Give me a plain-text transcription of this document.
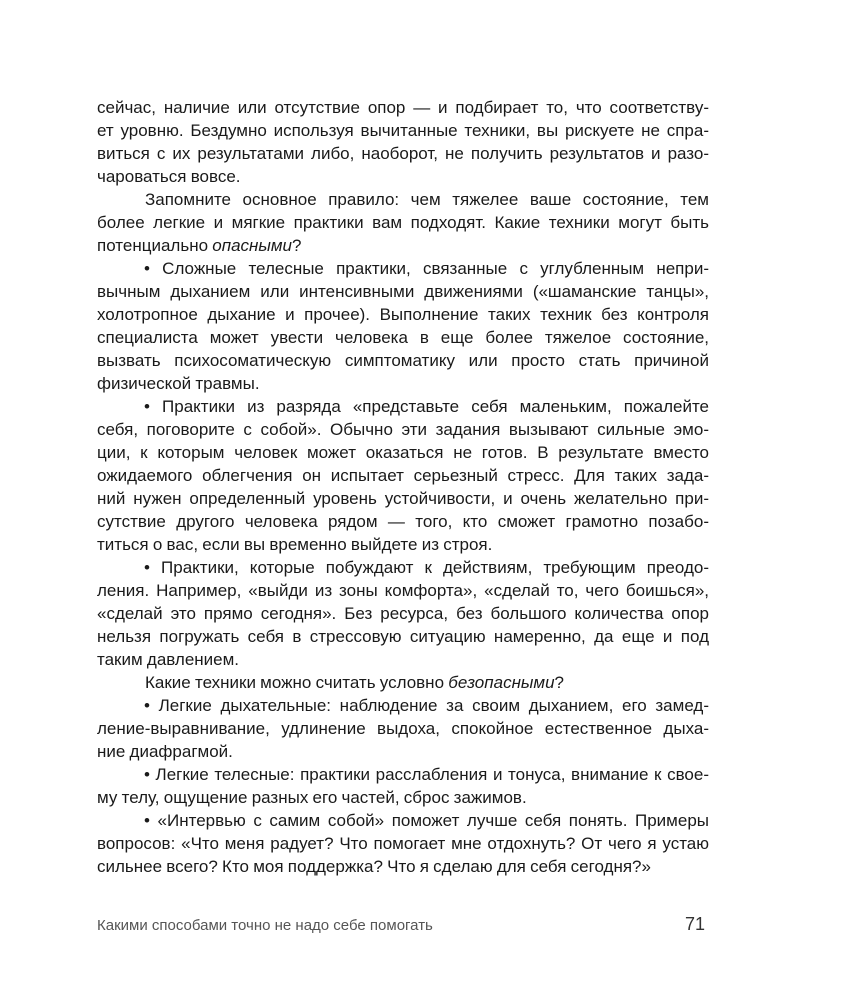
сейчас, наличие или отсутствие опор — и подбирает то, что соответству-
ет уровню. Бездумно используя вычитанные техники, вы рискуете не спра-
виться с их результатами либо, наоборот, не получить результатов и разо-
чароваться вовсе.
Запомните основное правило: чем тяжелее ваше состояние, тем
более легкие и мягкие практики вам подходят. Какие техники могут быть
потенциально опасными?
• Сложные телесные практики, связанные с углубленным непри-
вычным дыханием или интенсивными движениями («шаманские танцы»,
холотропное дыхание и прочее). Выполнение таких техник без контроля
специалиста может увести человека в еще более тяжелое состояние,
вызвать психосоматическую симптоматику или просто стать причиной
физической травмы.
• Практики из разряда «представьте себя маленьким, пожалейте
себя, поговорите с собой». Обычно эти задания вызывают сильные эмо-
ции, к которым человек может оказаться не готов. В результате вместо
ожидаемого облегчения он испытает серьезный стресс. Для таких зада-
ний нужен определенный уровень устойчивости, и очень желательно при-
сутствие другого человека рядом — того, кто сможет грамотно позабо-
титься о вас, если вы временно выйдете из строя.
• Практики, которые побуждают к действиям, требующим преодо-
ления. Например, «выйди из зоны комфорта», «сделай то, чего боишься»,
«сделай это прямо сегодня». Без ресурса, без большого количества опор
нельзя погружать себя в стрессовую ситуацию намеренно, да еще и под
таким давлением.
Какие техники можно считать условно безопасными?
• Легкие дыхательные: наблюдение за своим дыханием, его замед-
ление-выравнивание, удлинение выдоха, спокойное естественное дыха-
ние диафрагмой.
• Легкие телесные: практики расслабления и тонуса, внимание к свое-
му телу, ощущение разных его частей, сброс зажимов.
• «Интервью с самим собой» поможет лучше себя понять. Примеры
вопросов: «Что меня радует? Что помогает мне отдохнуть? От чего я устаю
сильнее всего? Кто моя поддержка? Что я сделаю для себя сегодня?»
Какими способами точно не надо себе помогать	71
